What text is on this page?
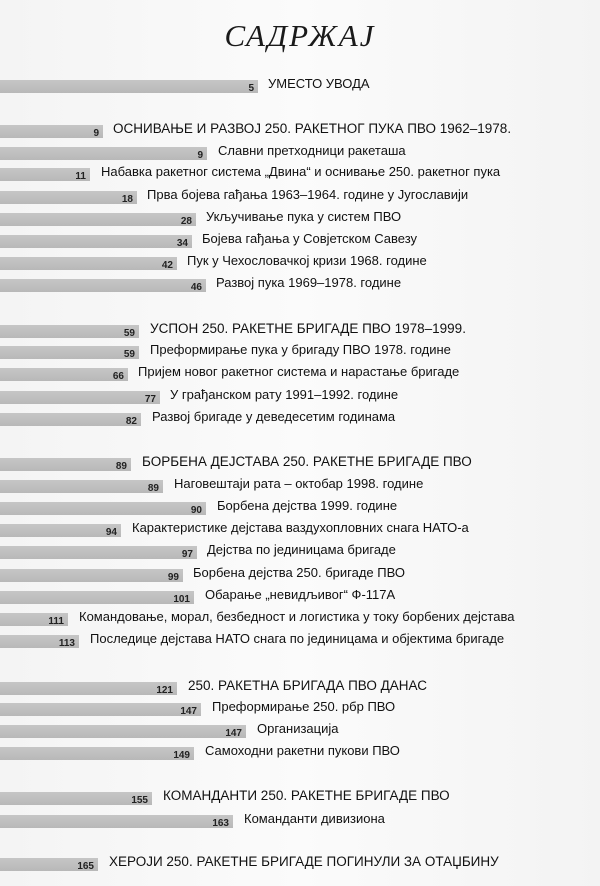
САДРЖАЈ
5 УМЕСТО УВОДА
9 ОСНИВАЊЕ И РАЗВОЈ 250. РАКЕТНОГ ПУКА ПВО 1962–1978.
9 Славни претходници ракеташа
11 Набавка ракетног система „Двина“ и оснивање 250. ракетног пука
18 Прва бојева гађања 1963–1964. године у Југославији
28 Укључивање пука у систем ПВО
34 Бојева гађања у Совјетском Савезу
42 Пук у Чехословачкој кризи 1968. године
46 Развој пука 1969–1978. године
59 УСПОН 250. РАКЕТНЕ БРИГАДЕ ПВО 1978–1999.
59 Преформирање пука у бригаду ПВО 1978. године
66 Пријем новог ракетног система и нарастање бригаде
77 У грађанском рату 1991–1992. године
82 Развој бригаде у деведесетим годинама
89 БОРБЕНА ДЕЈСТАВА 250. РАКЕТНЕ БРИГАДЕ ПВО
89 Наговештаји рата – октобар 1998. године
90 Борбена дејства 1999. године
94 Карактеристике дејстава ваздухопловних снага НАТО-а
97 Дејства по јединицама бригаде
99 Борбена дејства 250. бригаде ПВО
101 Обарање „невидљивог“ Ф-117А
111 Командовање, морал, безбедност и логистика у току борбених дејстава
113 Последице дејстава НАТО снага по јединицама и објектима бригаде
121 250. РАКЕТНА БРИГАДА ПВО ДАНАС
147 Преформирање 250. рбр ПВО
147 Организација
149 Самоходни ракетни пукови ПВО
155 КОМАНДАНТИ 250. РАКЕТНЕ БРИГАДЕ ПВО
163 Команданти дивизиона
165 ХЕРОЈИ 250. РАКЕТНЕ БРИГАДЕ ПОГИНУЛИ ЗА ОТАЏБИНУ
